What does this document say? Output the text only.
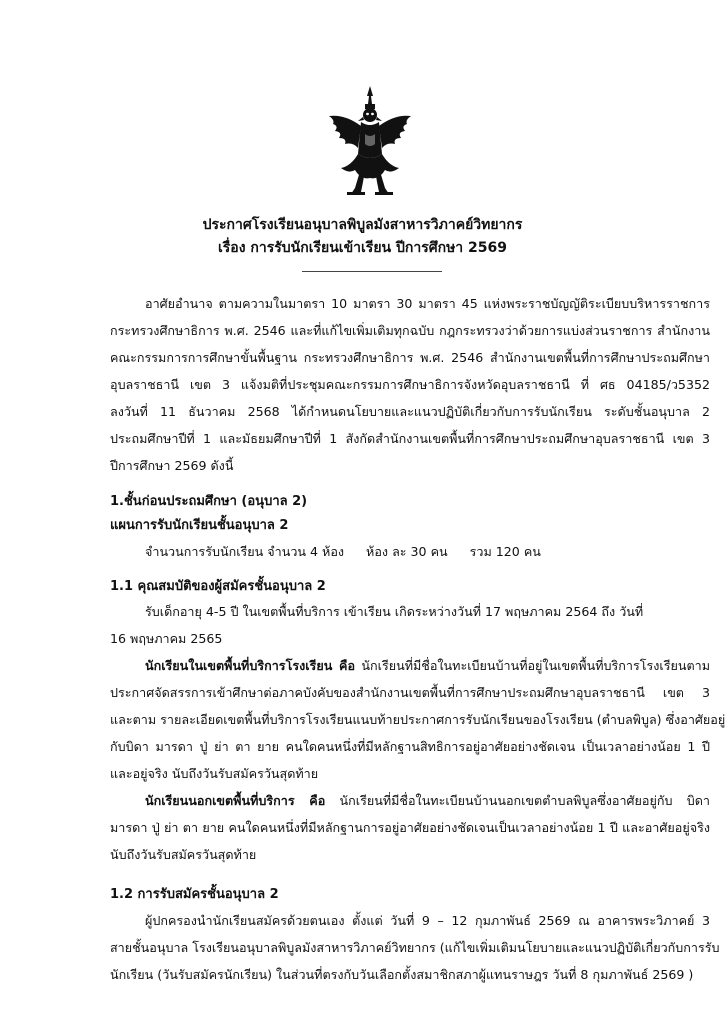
ประกาศโรงเรียนอนุบาลพิบูลมังสาหารวิภาคย์วิทยากร
เรื่อง การรับนักเรียนเข้าเรียน ปีการศึกษา 2569
อาศัยอำนาจ ตามความในมาตรา 10 มาตรา 30 มาตรา 45 แห่งพระราชบัญญัติระเบียบบริหารราชการ
กระทรวงศึกษาธิการ พ.ศ. 2546 และที่แก้ไขเพิ่มเติมทุกฉบับ กฎกระทรวงว่าด้วยการแบ่งส่วนราชการ สำนักงาน
คณะกรรมการการศึกษาขั้นพื้นฐาน กระทรวงศึกษาธิการ พ.ศ. 2546 สำนักงานเขตพื้นที่การศึกษาประถมศึกษา
อุบลราชธานี เขต 3 แจ้งมติที่ประชุมคณะกรรมการศึกษาธิการจังหวัดอุบลราชธานี ที่ ศธ 04185/ว5352
ลงวันที่ 11 ธันวาคม 2568 ได้กำหนดนโยบายและแนวปฏิบัติเกี่ยวกับการรับนักเรียน ระดับชั้นอนุบาล 2
ประถมศึกษาปีที่ 1 และมัธยมศึกษาปีที่ 1 สังกัดสำนักงานเขตพื้นที่การศึกษาประถมศึกษาอุบลราชธานี เขต 3
ปีการศึกษา 2569 ดังนี้
1.ชั้นก่อนประถมศึกษา (อนุบาล 2)
แผนการรับนักเรียนชั้นอนุบาล 2
จำนวนการรับนักเรียน จำนวน 4 ห้อง ห้อง ละ 30 คน รวม 120 คน
1.1 คุณสมบัติของผู้สมัครชั้นอนุบาล 2
รับเด็กอายุ 4-5 ปี ในเขตพื้นที่บริการ เข้าเรียน เกิดระหว่างวันที่ 17 พฤษภาคม 2564 ถึง วันที่
16 พฤษภาคม 2565
นักเรียนในเขตพื้นที่บริการโรงเรียน คือ นักเรียนที่มีชื่อในทะเบียนบ้านที่อยู่ในเขตพื้นที่บริการโรงเรียนตาม
ประกาศจัดสรรการเข้าศึกษาต่อภาคบังคับของสำนักงานเขตพื้นที่การศึกษาประถมศึกษาอุบลราชธานี เขต 3
และตาม รายละเอียดเขตพื้นที่บริการโรงเรียนแนบท้ายประกาศการรับนักเรียนของโรงเรียน (ตำบลพิบูล) ซึ่งอาศัยอยู่
กับบิดา มารดา ปู่ ย่า ตา ยาย คนใดคนหนึ่งที่มีหลักฐานสิทธิการอยู่อาศัยอย่างชัดเจน เป็นเวลาอย่างน้อย 1 ปี
และอยู่จริง นับถึงวันรับสมัครวันสุดท้าย
นักเรียนนอกเขตพื้นที่บริการ คือ นักเรียนที่มีชื่อในทะเบียนบ้านนอกเขตตำบลพิบูลซึ่งอาศัยอยู่กับ บิดา
มารดา ปู่ ย่า ตา ยาย คนใดคนหนึ่งที่มีหลักฐานการอยู่อาศัยอย่างชัดเจนเป็นเวลาอย่างน้อย 1 ปี และอาศัยอยู่จริง
นับถึงวันรับสมัครวันสุดท้าย
1.2 การรับสมัครชั้นอนุบาล 2
ผู้ปกครองนำนักเรียนสมัครด้วยตนเอง ตั้งแต่ วันที่ 9 – 12 กุมภาพันธ์ 2569 ณ อาคารพระวิภาคย์ 3
สายชั้นอนุบาล โรงเรียนอนุบาลพิบูลมังสาหารวิภาคย์วิทยากร (แก้ไขเพิ่มเติมนโยบายและแนวปฏิบัติเกี่ยวกับการรับ
นักเรียน (วันรับสมัครนักเรียน) ในส่วนที่ตรงกับวันเลือกตั้งสมาชิกสภาผู้แทนราษฎร วันที่ 8 กุมภาพันธ์ 2569 )
